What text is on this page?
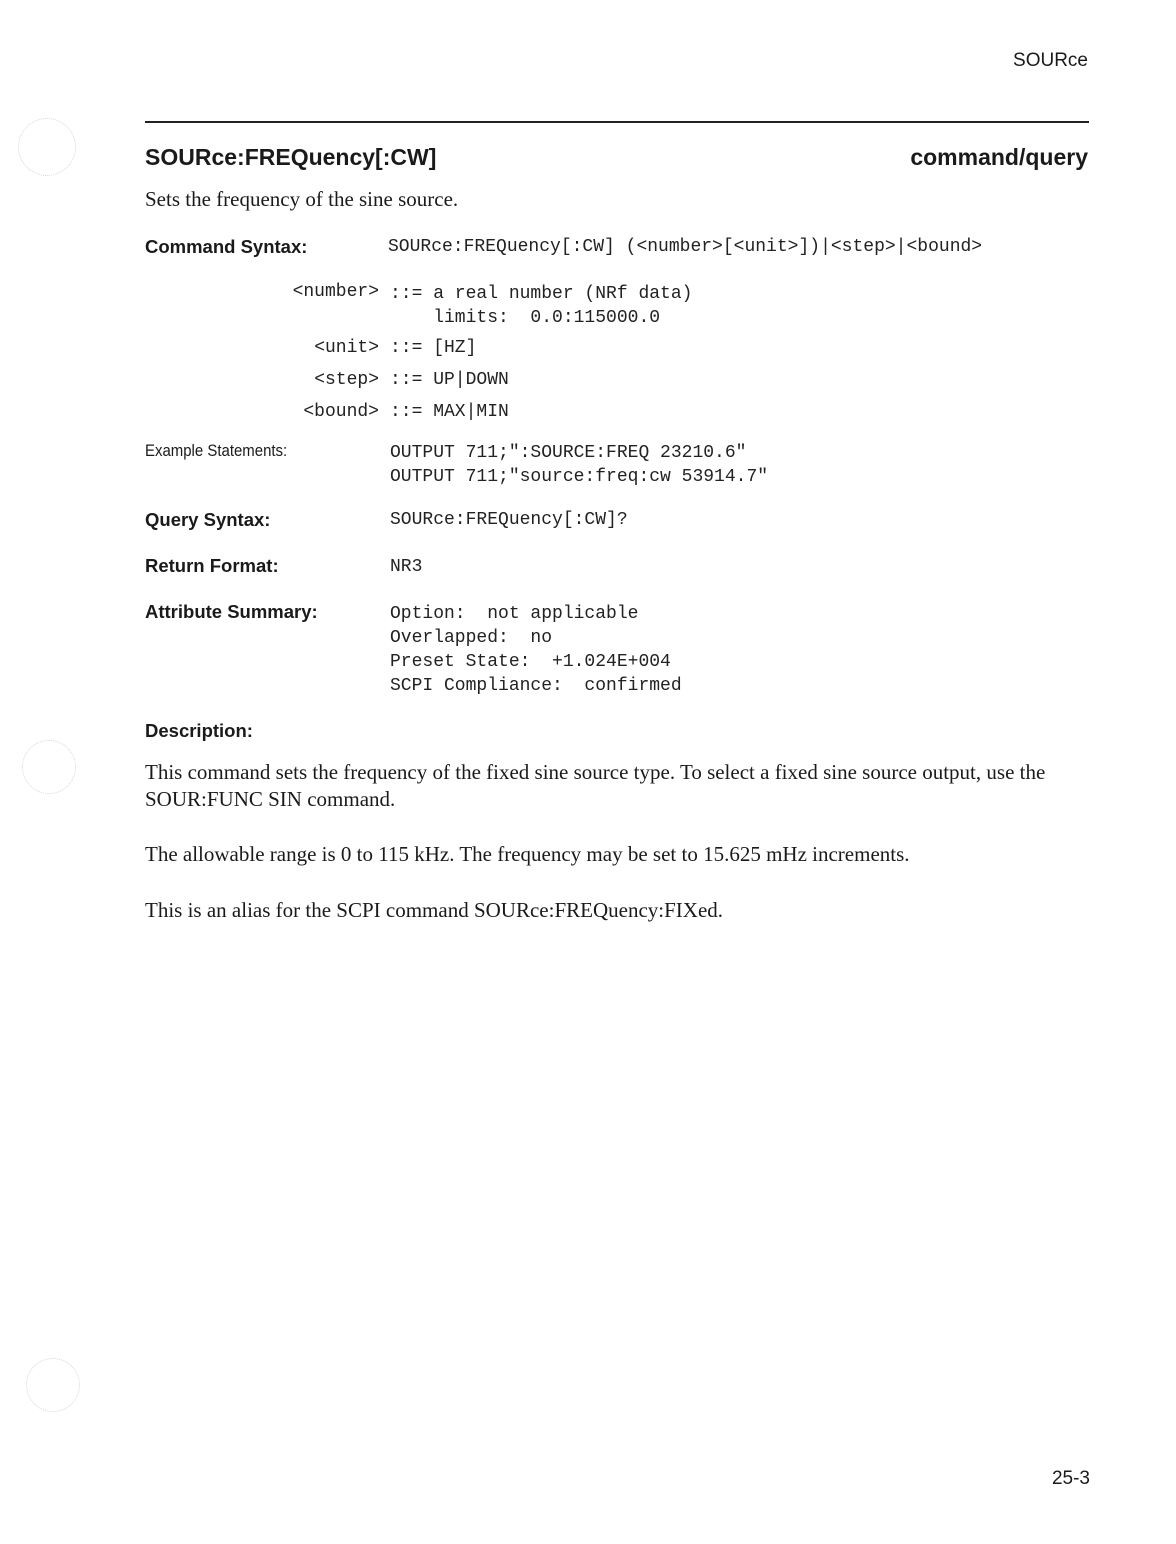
SOURce
SOURce:FREQuency[:CW]	command/query
Sets the frequency of the sine source.
Command Syntax:	SOURce:FREQuency[:CW] (<number>[<unit>])|<step>|<bound>
<number> ::= a real number (NRf data)
limits:  0.0:115000.0
<unit> ::= [HZ]
<step> ::= UP|DOWN
<bound> ::= MAX|MIN
Example Statements:	OUTPUT 711;":SOURCE:FREQ 23210.6"
OUTPUT 711;"source:freq:cw 53914.7"
Query Syntax:	SOURce:FREQuency[:CW]?
Return Format:	NR3
Attribute Summary:	Option:  not applicable
Overlapped:  no
Preset State:  +1.024E+004
SCPI Compliance:  confirmed
Description:
This command sets the frequency of the fixed sine source type. To select a fixed sine source output, use the SOUR:FUNC SIN command.
The allowable range is 0 to 115 kHz. The frequency may be set to 15.625 mHz increments.
This is an alias for the SCPI command SOURce:FREQuency:FIXed.
25-3
